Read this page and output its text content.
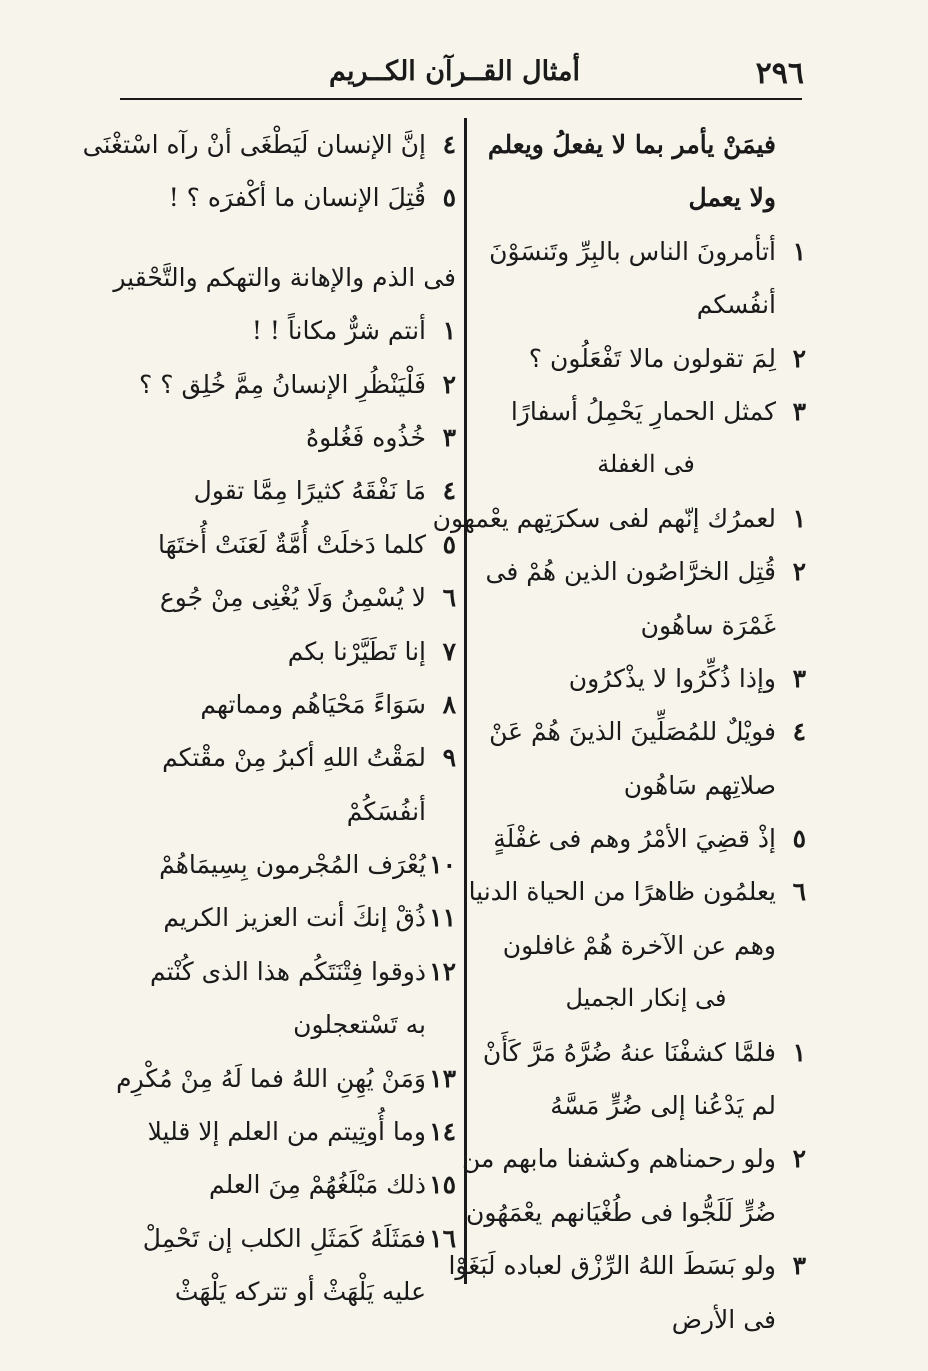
٢٩٦
أمثال القــرآن الكــريم
فيمَنْ يأمر بما لا يفعلُ ويعلم
ولا يعمل
١أتأمرونَ الناس بالبِرِّ وتَنسَوْنَ
أنفُسكم
٢لِمَ تقولون مالا تَفْعَلُون ؟
٣كمثل الحمارِ يَحْمِلُ أسفارًا
فى الغفلة
١لعمرُك إنّهم لفى سكرَتِهم يعْمهون
٢قُتِل الخرَّاصُون الذين هُمْ فى
غَمْرَة ساهُون
٣وإذا ذُكِّرُوا لا يذْكرُون
٤فويْلٌ للمُصَلِّينَ الذينَ هُمْ عَنْ
صلاتِهم سَاهُون
٥إذْ قضِيَ الأمْرُ وهم فى غفْلَةٍ
٦يعلمُون ظاهرًا من الحياة الدنيا
وهم عن الآخرة هُمْ غافلون
فى إنكار الجميل
١فلمَّا كشفْنَا عنهُ ضُرَّهُ مَرَّ كَأَنْ
لم يَدْعُنا إلى ضُرٍّ مَسَّهُ
٢ولو رحمناهم وكشفنا مابهم من
ضُرٍّ لَلَجُّوا فى طُغْيَانهم يعْمَهُون
٣ولو بَسَطَ اللهُ الرِّزْق لعباده لَبَغَوْا
فى الأرض
٤إنَّ الإنسان لَيَطْغَى أنْ رآه اسْتغْنَى
٥قُتِلَ الإنسان ما أكْفرَه ؟ !
فى الذم والإهانة والتهكم والتَّحْقير
١أنتم شرٌّ مكاناً ! !
٢فَلْيَنْظُرِ الإنسانُ مِمَّ خُلِق ؟ ؟
٣خُذُوه فَغُلوهُ
٤مَا نَفْقَهُ كثيرًا مِمَّا تقول
٥كلما دَخلَتْ أُمَّةٌ لَعَنَتْ أُختَهَا
٦لا يُسْمِنُ وَلَا يُغْنِى مِنْ جُوع
٧إنا تَطَيَّرْنا بكم
٨سَوَاءً مَحْيَاهُم ومماتهم
٩لمَقْتُ اللهِ أكبرُ مِنْ مقْتكم
أنفُسَكُمْ
١٠يُعْرَف المُجْرمون بِسِيمَاهُمْ
١١ذُقْ إنكَ أنت العزيز الكريم
١٢ذوقوا فِتْنَتَكُم هذا الذى كُنْتم
به تَسْتعجلون
١٣وَمَنْ يُهِنِ اللهُ فما لَهُ مِنْ مُكْرِم
١٤وما أُوتِيتم من العلم إلا قليلا
١٥ذلك مَبْلَغُهُمْ مِنَ العلم
١٦فمَثَلَهُ كَمَثَلِ الكلب إن تَحْمِلْ
عليه يَلْهَثْ أو تتركه يَلْهَثْ
